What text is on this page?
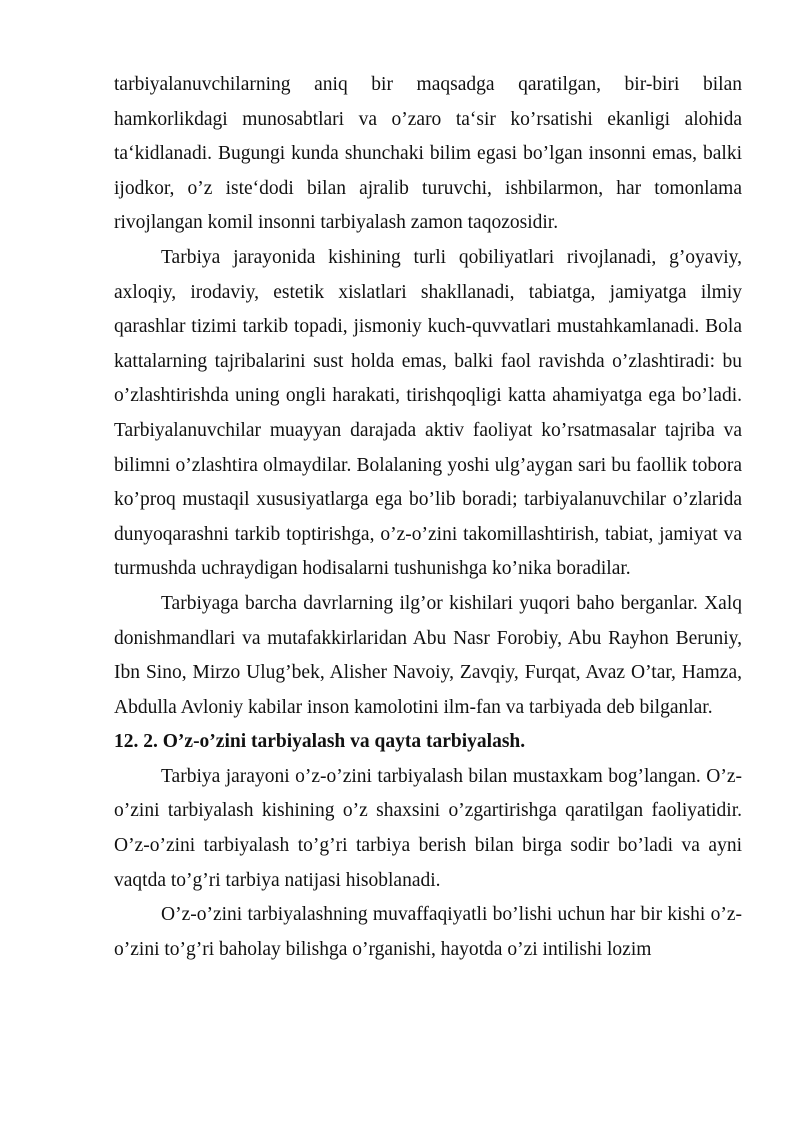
tarbiyalanuvchilarning aniq bir maqsadga qaratilgan, bir-biri bilan hamkorlikdagi munosabtlari va o’zaro ta‘sir ko’rsatishi ekanligi alohida ta‘kidlanadi. Bugungi kunda shunchaki bilim egasi bo’lgan insonni emas, balki ijodkor, o’z iste‘dodi bilan ajralib turuvchi, ishbilarmon, har tomonlama rivojlangan komil insonni tarbiyalash zamon taqozosidir.

Tarbiya jarayonida kishining turli qobiliyatlari rivojlanadi, g’oyaviy, axloqiy, irodaviy, estetik xislatlari shakllanadi, tabiatga, jamiyatga ilmiy qarashlar tizimi tarkib topadi, jismoniy kuch-quvvatlari mustahkamlanadi. Bola kattalarning tajribalarini sust holda emas, balki faol ravishda o’zlashtiradi: bu o’zlashtirishda uning ongli harakati, tirishqoqligi katta ahamiyatga ega bo’ladi. Tarbiyalanuvchilar muayyan darajada aktiv faoliyat ko’rsatmasalar tajriba va bilimni o’zlashtira olmaydilar. Bolalaning yoshi ulg’aygan sari bu faollik tobora ko’proq mustaqil xususiyatlarga ega bo’lib boradi; tarbiyalanuvchilar o’zlarida dunyoqarashni tarkib toptirishga, o’z-o’zini takomillashtirish, tabiat, jamiyat va turmushda uchraydigan hodisalarni tushunishga ko’nika boradilar.

Tarbiyaga barcha davrlarning ilg’or kishilari yuqori baho berganlar. Xalq donishmandlari va mutafakkirlaridan Abu Nasr Forobiy, Abu Rayhon Beruniy, Ibn Sino, Mirzo Ulug’bek, Alisher Navoiy, Zavqiy, Furqat, Avaz O’tar, Hamza, Abdulla Avloniy kabilar inson kamolotini ilm-fan va tarbiyada deb bilganlar.

12. 2. O’z-o’zini tarbiyalash va qayta tarbiyalash.

Tarbiya jarayoni o’z-o’zini tarbiyalash bilan mustaxkam bog’langan. O’z-o’zini tarbiyalash kishining o’z shaxsini o’zgartirishga qaratilgan faoliyatidir. O’z-o’zini tarbiyalash to’g’ri tarbiya berish bilan birga sodir bo’ladi va ayni vaqtda to’g’ri tarbiya natijasi hisoblanadi.

O’z-o’zini tarbiyalashning muvaffaqiyatli bo’lishi uchun har bir kishi o’z-o’zini to’g’ri baholay bilishga o’rganishi, hayotda o’zi intilishi lozim
